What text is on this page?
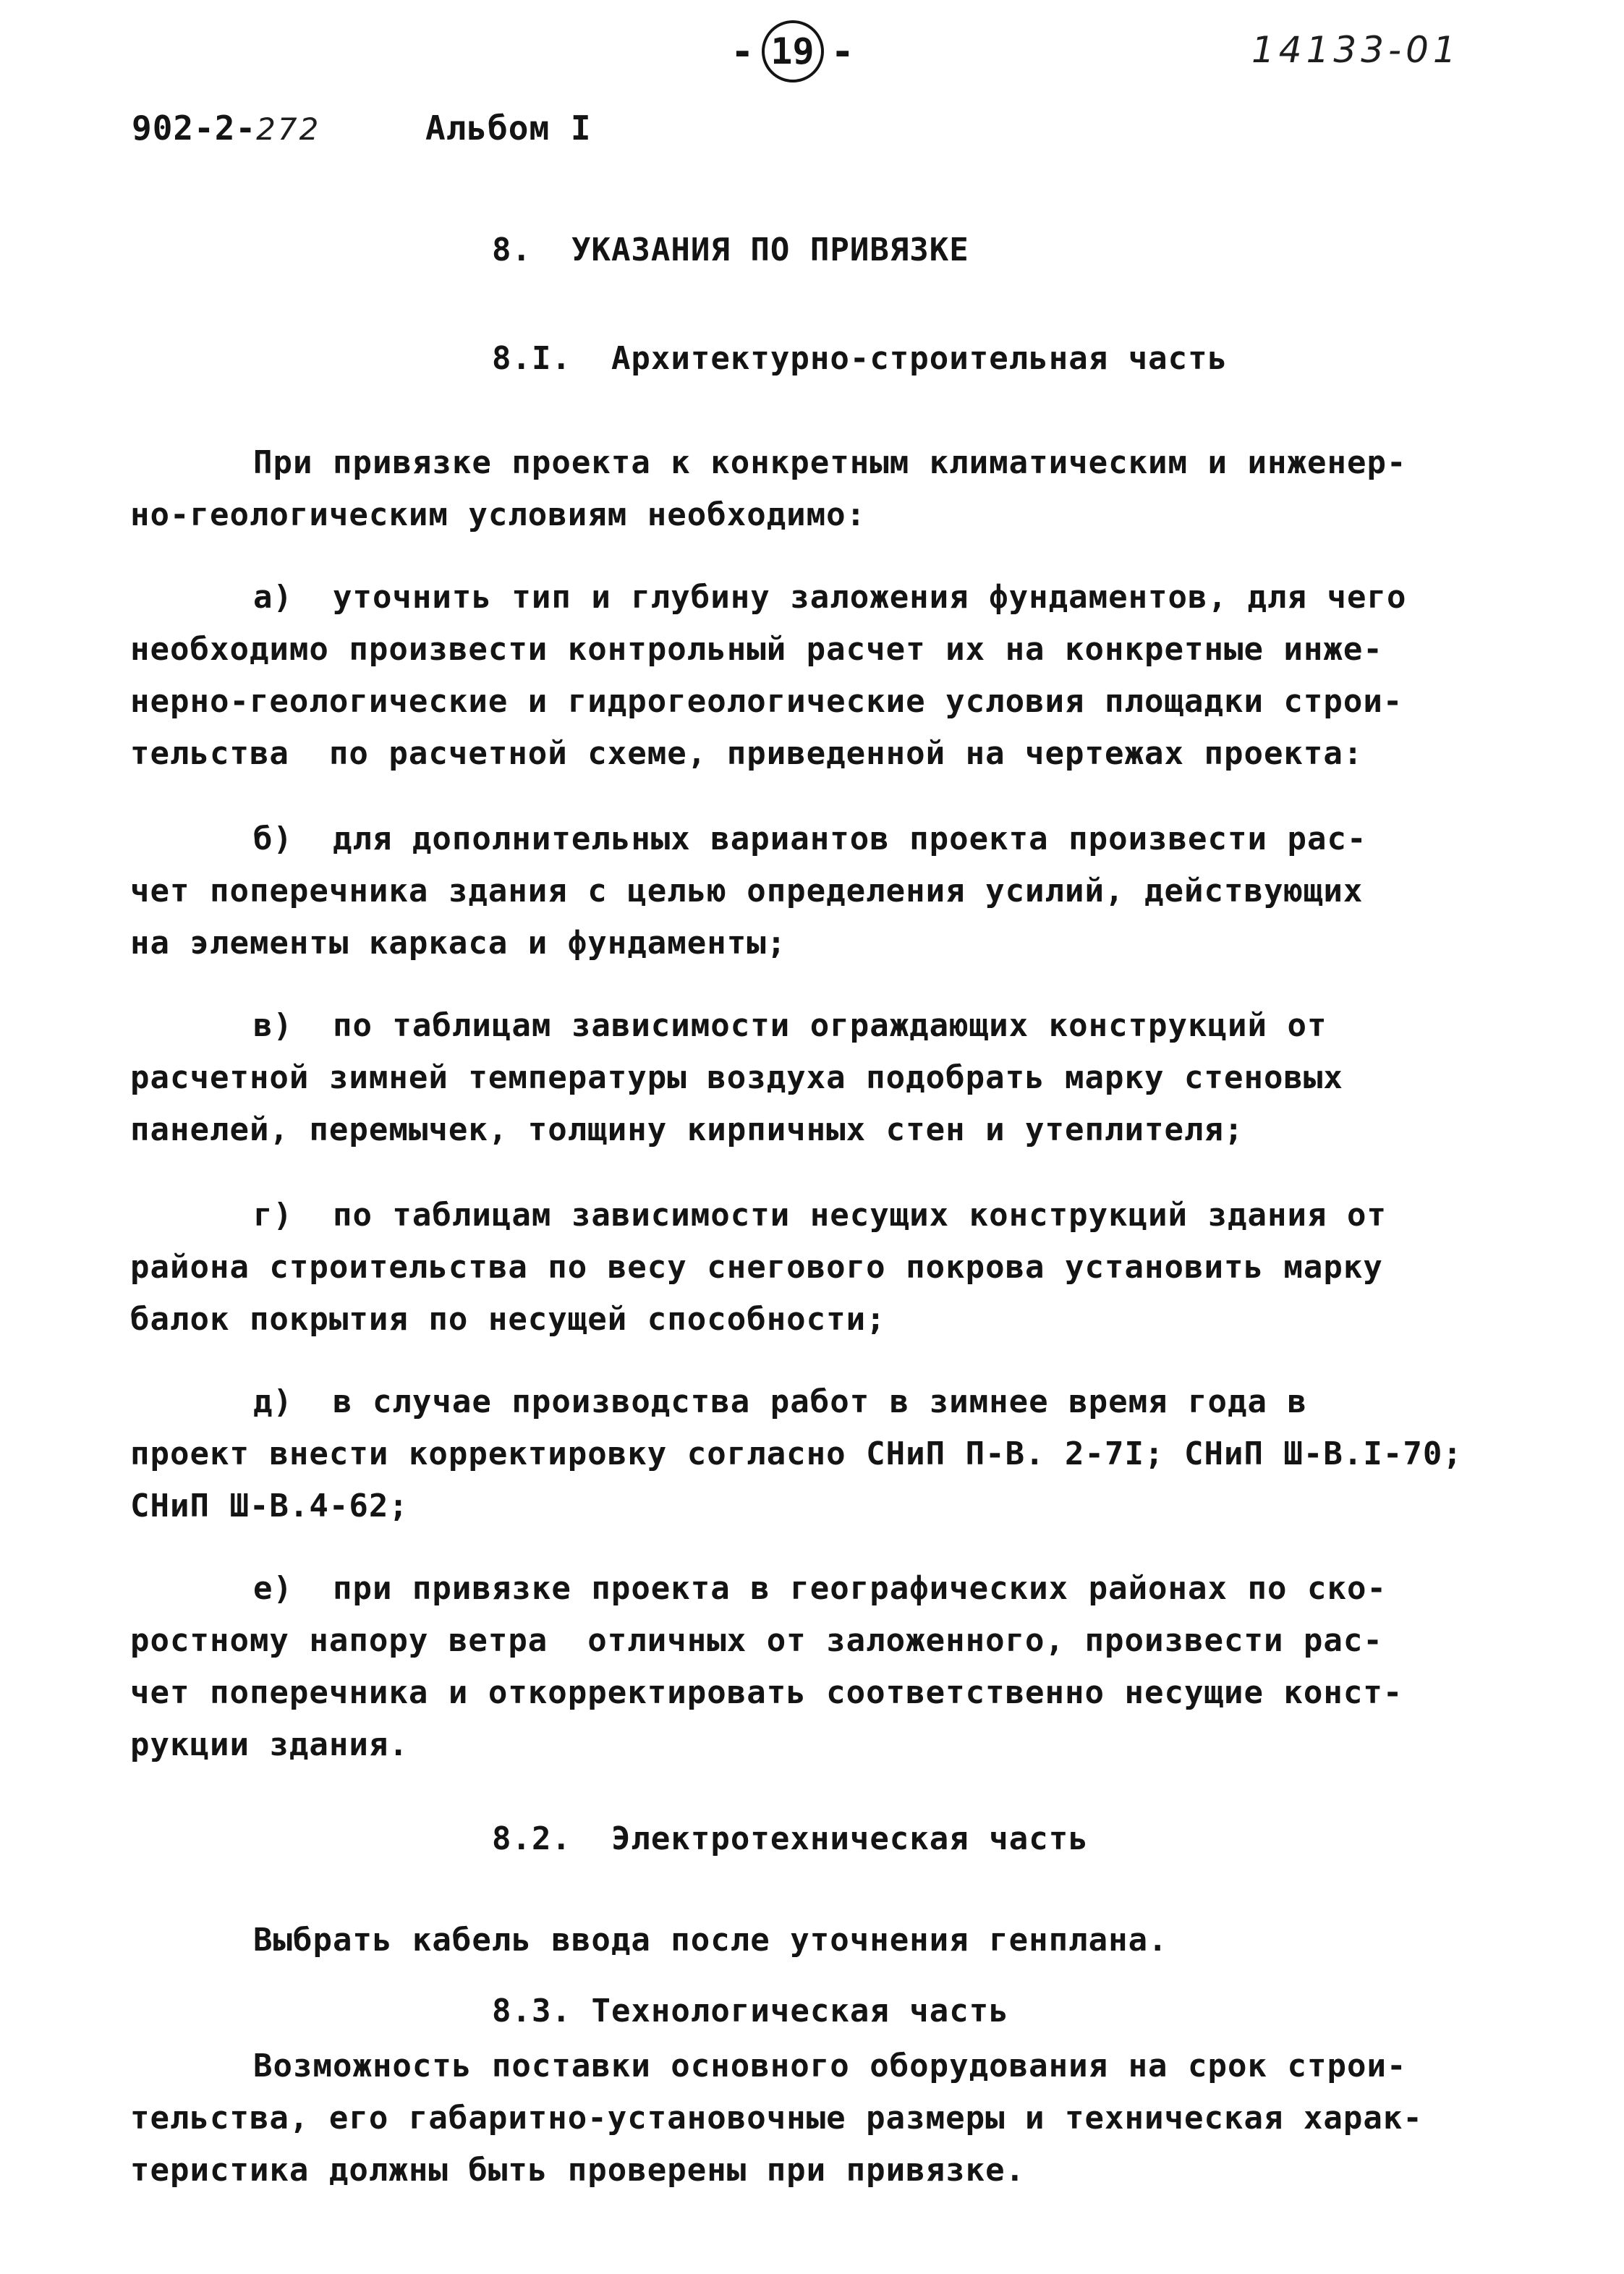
- 19 -	14133-01
902-2-272	Альбом I
8.  УКАЗАНИЯ ПО ПРИВЯЗКЕ
8.I.  Архитектурно-строительная часть
При привязке проекта к конкретным климатическим и инженер-
но-геологическим условиям необходимо:
а)  уточнить тип и глубину заложения фундаментов, для чего
необходимо произвести контрольный расчет их на конкретные инже-
нерно-геологические и гидрогеологические условия площадки строи-
тельства  по расчетной схеме, приведенной на чертежах проекта:
б)  для дополнительных вариантов проекта произвести рас-
чет поперечника здания с целью определения усилий, действующих
на элементы каркаса и фундаменты;
в)  по таблицам зависимости ограждающих конструкций от
расчетной зимней температуры воздуха подобрать марку стеновых
панелей, перемычек, толщину кирпичных стен и утеплителя;
г)  по таблицам зависимости несущих конструкций здания от
района строительства по весу снегового покрова установить марку
балок покрытия по несущей способности;
д)  в случае производства работ в зимнее время года в
проект внести корректировку согласно СНиП П-В. 2-7I; СНиП Ш-В.I-70;
СНиП Ш-В.4-62;
е)  при привязке проекта в географических районах по ско-
ростному напору ветра  отличных от заложенного, произвести рас-
чет поперечника и откорректировать соответственно несущие конст-
рукции здания.
8.2.  Электротехническая часть
Выбрать кабель ввода после уточнения генплана.
8.3. Технологическая часть
Возможность поставки основного оборудования на срок строи-
тельства, его габаритно-установочные размеры и техническая харак-
теристика должны быть проверены при привязке.
